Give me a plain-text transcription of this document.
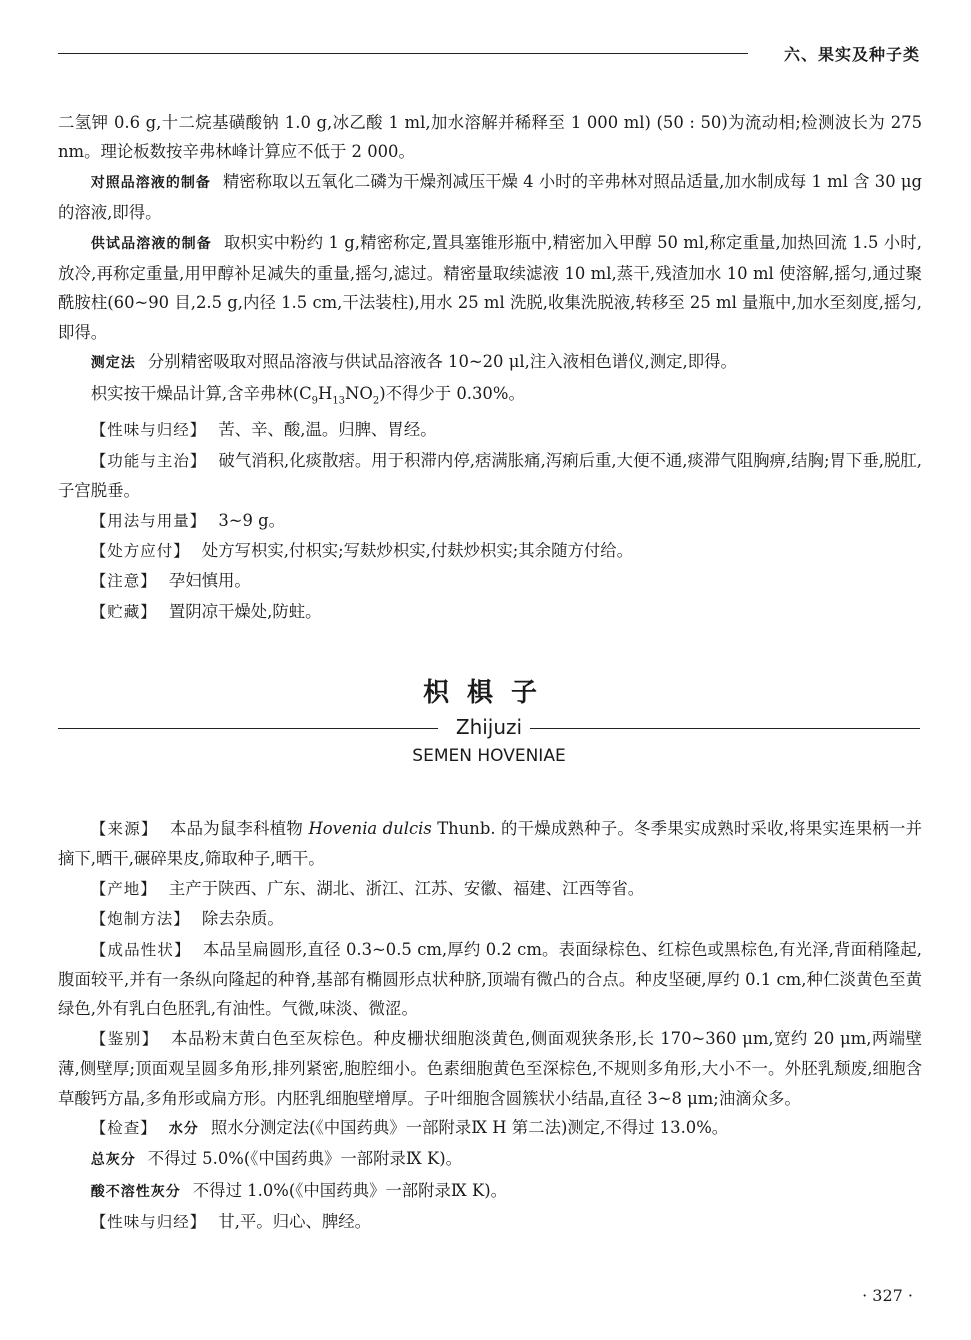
六、果实及种子类

二氢钾 0.6 g,十二烷基磺酸钠 1.0 g,冰乙酸 1 ml,加水溶解并稀释至 1 000 ml) (50 : 50)为流动相;检测波长为 275 nm。理论板数按辛弗林峰计算应不低于 2 000。

对照品溶液的制备 精密称取以五氧化二磷为干燥剂减压干燥 4 小时的辛弗林对照品适量,加水制成每 1 ml 含 30 μg 的溶液,即得。

供试品溶液的制备 取枳实中粉约 1 g,精密称定,置具塞锥形瓶中,精密加入甲醇 50 ml,称定重量,加热回流 1.5 小时,放冷,再称定重量,用甲醇补足减失的重量,摇匀,滤过。精密量取续滤液 10 ml,蒸干,残渣加水 10 ml 使溶解,摇匀,通过聚酰胺柱(60~90 目,2.5 g,内径 1.5 cm,干法装柱),用水 25 ml 洗脱,收集洗脱液,转移至 25 ml 量瓶中,加水至刻度,摇匀,即得。

测定法 分别精密吸取对照品溶液与供试品溶液各 10~20 μl,注入液相色谱仪,测定,即得。

枳实按干燥品计算,含辛弗林$(C_9H_{13}NO_2)$不得少于 0.30%。

【性味与归经】 苦、辛、酸,温。归脾、胃经。

【功能与主治】 破气消积,化痰散痞。用于积滞内停,痞满胀痛,泻痢后重,大便不通,痰滞气阻胸痹,结胸;胃下垂,脱肛,子宫脱垂。

【用法与用量】 3~9 g。

【处方应付】 处方写枳实,付枳实;写麸炒枳实,付麸炒枳实;其余随方付给。

【注意】 孕妇慎用。

【贮藏】 置阴凉干燥处,防蛀。

枳椇子
Zhijuzi
SEMEN HOVENIAE

【来源】 本品为鼠李科植物 Hovenia dulcis Thunb. 的干燥成熟种子。冬季果实成熟时采收,将果实连果柄一并摘下,晒干,碾碎果皮,筛取种子,晒干。

【产地】 主产于陕西、广东、湖北、浙江、江苏、安徽、福建、江西等省。

【炮制方法】 除去杂质。

【成品性状】 本品呈扁圆形,直径 0.3~0.5 cm,厚约 0.2 cm。表面绿棕色、红棕色或黑棕色,有光泽,背面稍隆起,腹面较平,并有一条纵向隆起的种脊,基部有椭圆形点状种脐,顶端有微凸的合点。种皮坚硬,厚约 0.1 cm,种仁淡黄色至黄绿色,外有乳白色胚乳,有油性。气微,味淡、微涩。

【鉴别】 本品粉末黄白色至灰棕色。种皮栅状细胞淡黄色,侧面观狭条形,长 170~360 μm,宽约 20 μm,两端壁薄,侧壁厚;顶面观呈圆多角形,排列紧密,胞腔细小。色素细胞黄色至深棕色,不规则多角形,大小不一。外胚乳颓废,细胞含草酸钙方晶,多角形或扁方形。内胚乳细胞壁增厚。子叶细胞含圆簇状小结晶,直径 3~8 μm;油滴众多。

【检查】 水分 照水分测定法(《中国药典》一部附录Ⅸ H 第二法)测定,不得过 13.0%。

总灰分 不得过 5.0%(《中国药典》一部附录Ⅸ K)。

酸不溶性灰分 不得过 1.0%(《中国药典》一部附录Ⅸ K)。

【性味与归经】 甘,平。归心、脾经。

· 327 ·
